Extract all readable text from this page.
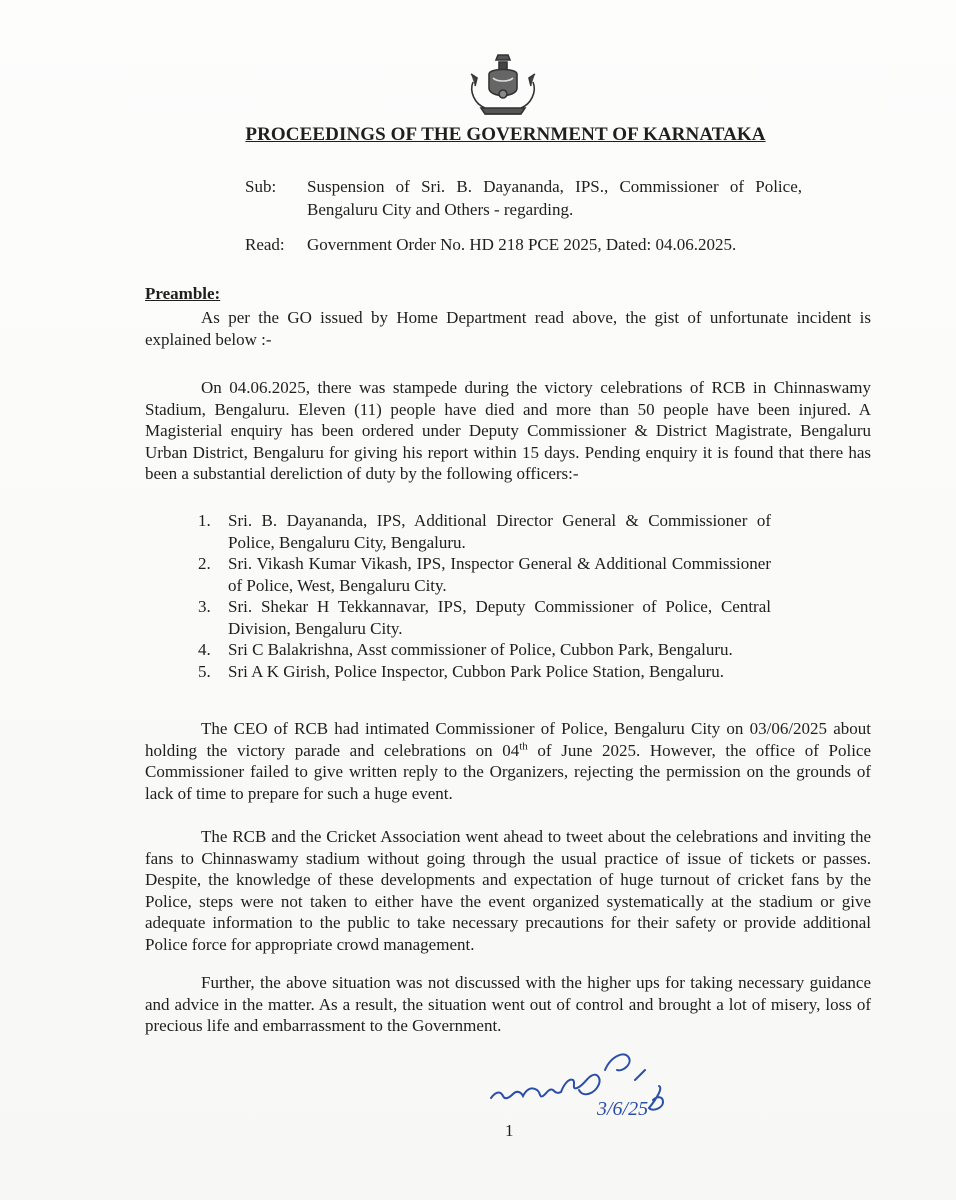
PROCEEDINGS OF THE GOVERNMENT OF KARNATAKA
Sub: Suspension of Sri. B. Dayananda, IPS., Commissioner of Police, Bengaluru City and Others - regarding.
Read: Government Order No. HD 218 PCE 2025, Dated: 04.06.2025.
Preamble:
As per the GO issued by Home Department read above, the gist of unfortunate incident is explained below :-
On 04.06.2025, there was stampede during the victory celebrations of RCB in Chinnaswamy Stadium, Bengaluru. Eleven (11) people have died and more than 50 people have been injured. A Magisterial enquiry has been ordered under Deputy Commissioner & District Magistrate, Bengaluru Urban District, Bengaluru for giving his report within 15 days. Pending enquiry it is found that there has been a substantial dereliction of duty by the following officers:-
1. Sri. B. Dayananda, IPS, Additional Director General & Commissioner of Police, Bengaluru City, Bengaluru.
2. Sri. Vikash Kumar Vikash, IPS, Inspector General & Additional Commissioner of Police, West, Bengaluru City.
3. Sri. Shekar H Tekkannavar, IPS, Deputy Commissioner of Police, Central Division, Bengaluru City.
4. Sri C Balakrishna, Asst commissioner of Police, Cubbon Park, Bengaluru.
5. Sri A K Girish, Police Inspector, Cubbon Park Police Station, Bengaluru.
The CEO of RCB had intimated Commissioner of Police, Bengaluru City on 03/06/2025 about holding the victory parade and celebrations on 04th of June 2025. However, the office of Police Commissioner failed to give written reply to the Organizers, rejecting the permission on the grounds of lack of time to prepare for such a huge event.
The RCB and the Cricket Association went ahead to tweet about the celebrations and inviting the fans to Chinnaswamy stadium without going through the usual practice of issue of tickets or passes. Despite, the knowledge of these developments and expectation of huge turnout of cricket fans by the Police, steps were not taken to either have the event organized systematically at the stadium or give adequate information to the public to take necessary precautions for their safety or provide additional Police force for appropriate crowd management.
Further, the above situation was not discussed with the higher ups for taking necessary guidance and advice in the matter. As a result, the situation went out of control and brought a lot of misery, loss of precious life and embarrassment to the Government.
3/6/25
1
